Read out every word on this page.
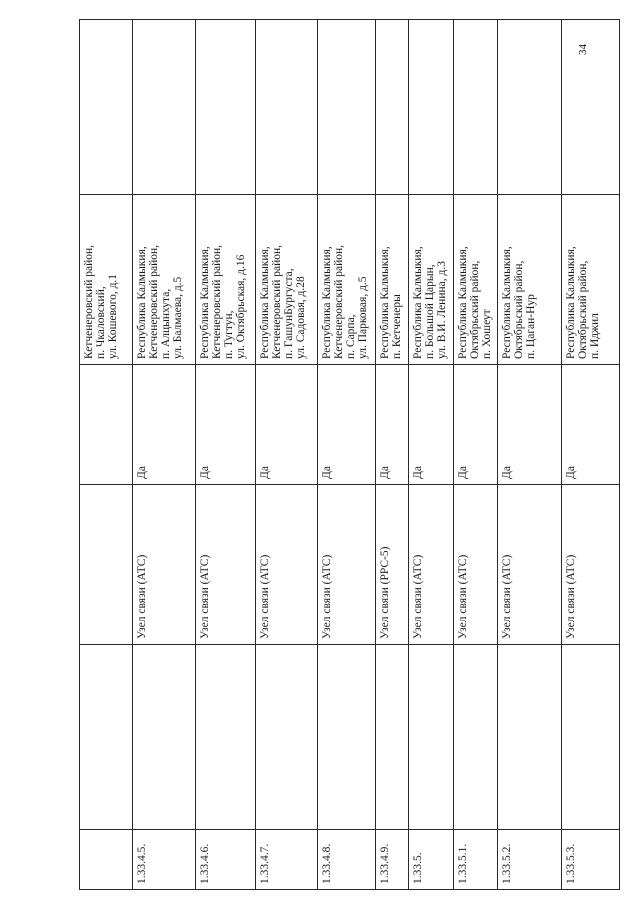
34

				Кетченеровский район, п. Чкаловский, ул. Кошевого, д.1	

1.33.4.5.		Узел связи (АТС)	Да	Республика Калмыкия, Кетченеровский район, п. Алцынхута, ул. Балмаева, д.5	

1.33.4.6.		Узел связи (АТС)	Да	Республика Калмыкия, Кетченеровский район, п. Тугтун, ул. Октябрьская, д.16	

1.33.4.7.		Узел связи (АТС)	Да	Республика Калмыкия, Кетченеровский район, п. ГашунБургуста, ул. Садовая, д.28	

1.33.4.8.		Узел связи (АТС)	Да	Республика Калмыкия, Кетченеровский район, п. Сарпа, ул. Парковая, д.5	

1.33.4.9.		Узел связи (РРС-5)	Да	Республика Калмыкия, п. Кетченеры	

1.33.5.		Узел связи (АТС)	Да	Республика Калмыкия, п. Большой Царын, ул. В.И. Ленина, д.3	

1.33.5.1.		Узел связи (АТС)	Да	Республика Калмыкия, Октябрьский район, п. Хошеут	

1.33.5.2.		Узел связи (АТС)	Да	Республика Калмыкия, Октябрьский район, п. Цаган-Нур	

1.33.5.3.		Узел связи (АТС)	Да	Республика Калмыкия, Октябрьский район, п. Иджил	
